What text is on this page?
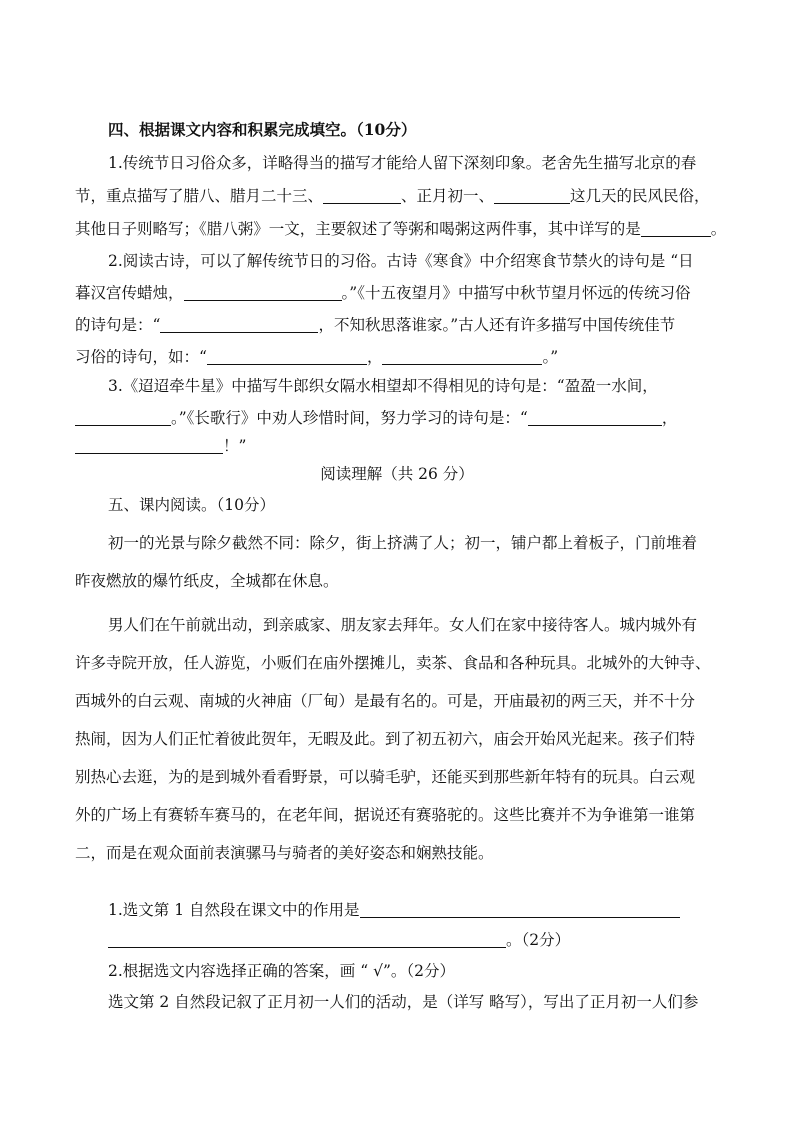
四、根据课文内容和积累完成填空。（10分）
1.传统节日习俗众多，详略得当的描写才能给人留下深刻印象。老舍先生描写北京的春
节，重点描写了腊八、腊月二十三、	、正月初一、	这几天的民风民俗，
其他日子则略写；《腊八粥》一文，主要叙述了等粥和喝粥这两件事，其中详写的是	。
2.阅读古诗，可以了解传统节日的习俗。古诗《寒食》中介绍寒食节禁火的诗句是 “日
暮汉宫传蜡烛，	。”《十五夜望月》中描写中秋节望月怀远的传统习俗
的诗句是：“	，不知秋思落谁家。”古人还有许多描写中国传统佳节
习俗的诗句，如：“	，	。”
3.《迢迢牵牛星》中描写牛郎织女隔水相望却不得相见的诗句是：“盈盈一水间，
。”《长歌行》中劝人珍惜时间，努力学习的诗句是：“	，
！”
阅读理解（共 26 分）
五、课内阅读。（10分）
初一的光景与除夕截然不同：除夕，街上挤满了人；初一，铺户都上着板子，门前堆着
昨夜燃放的爆竹纸皮，全城都在休息。
男人们在午前就出动，到亲戚家、朋友家去拜年。女人们在家中接待客人。城内城外有
许多寺院开放，任人游览，小贩们在庙外摆摊儿，卖茶、食品和各种玩具。北城外的大钟寺、
西城外的白云观、南城的火神庙（厂甸）是最有名的。可是，开庙最初的两三天，并不十分
热闹，因为人们正忙着彼此贺年，无暇及此。到了初五初六，庙会开始风光起来。孩子们特
别热心去逛，为的是到城外看看野景，可以骑毛驴，还能买到那些新年特有的玩具。白云观
外的广场上有赛轿车赛马的，在老年间，据说还有赛骆驼的。这些比赛并不为争谁第一谁第
二，而是在观众面前表演骡马与骑者的美好姿态和娴熟技能。
1.选文第 1 自然段在课文中的作用是
。（2分）
2.根据选文内容选择正确的答案，画 “ √”。（2分）
选文第 2 自然段记叙了正月初一人们的活动，是（详写 略写），写出了正月初一人们参
